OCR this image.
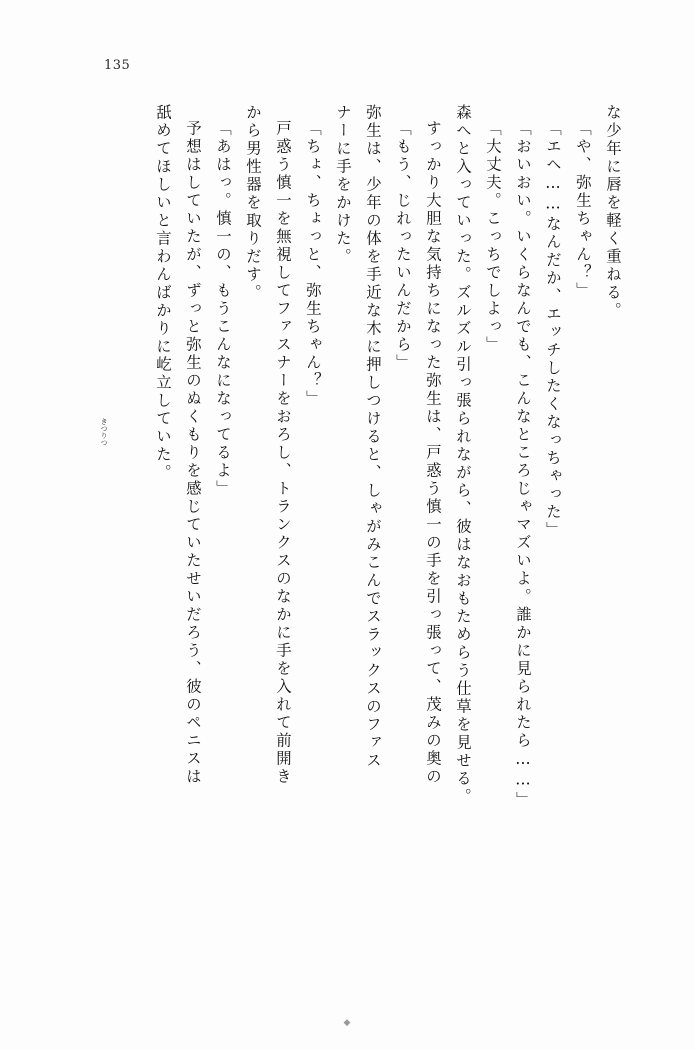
135
な少年に唇を軽く重ねる。
「や、弥生ちゃん？」
「エヘ……なんだか、エッチしたくなっちゃった」
「おいおい。いくらなんでも、こんなところじゃマズいよ。誰かに見られたら……」
「大丈夫。こっちでしよっ」
森へと入っていった。ズルズル引っ張られながら、彼はなおもためらう仕草を見せる。
すっかり大胆な気持ちになった弥生は、戸惑う慎一の手を引っ張って、茂みの奥の
「もう、じれったいんだから」
弥生は、少年の体を手近な木に押しつけると、しゃがみこんでスラックスのファス
ナーに手をかけた。
「ちょ、ちょっと、弥生ちゃん？」
戸惑う慎一を無視してファスナーをおろし、トランクスのなかに手を入れて前開き
から男性器を取りだす。
「あはっ。慎一の、もうこんなになってるよ」
予想はしていたが、ずっと弥生のぬくもりを感じていたせいだろう、彼のペニスは
舐めてほしいと言わんばかりに屹立していた。
きつりつ
◆
